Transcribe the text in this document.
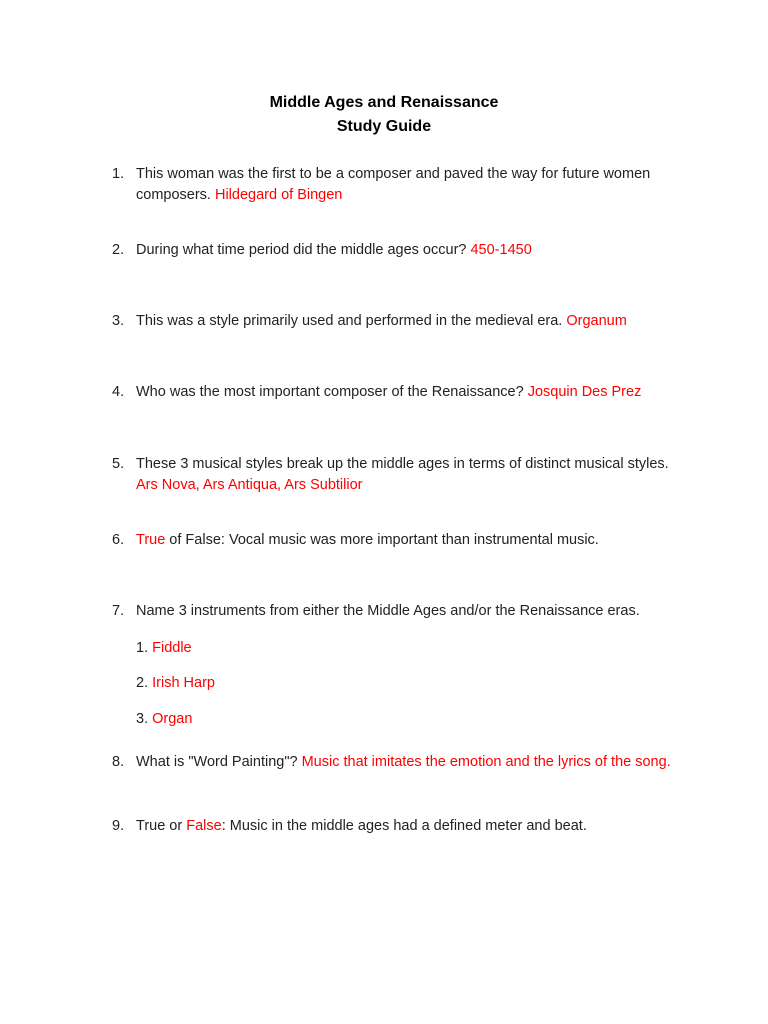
Middle Ages and Renaissance
Study Guide
1. This woman was the first to be a composer and paved the way for future women composers. Hildegard of Bingen
2. During what time period did the middle ages occur? 450-1450
3. This was a style primarily used and performed in the medieval era. Organum
4. Who was the most important composer of the Renaissance? Josquin Des Prez
5. These 3 musical styles break up the middle ages in terms of distinct musical styles. Ars Nova, Ars Antiqua, Ars Subtilior
6. True of False: Vocal music was more important than instrumental music.
7. Name 3 instruments from either the Middle Ages and/or the Renaissance eras.
1. Fiddle
2. Irish Harp
3. Organ
8. What is "Word Painting"? Music that imitates the emotion and the lyrics of the song.
9. True or False: Music in the middle ages had a defined meter and beat.
